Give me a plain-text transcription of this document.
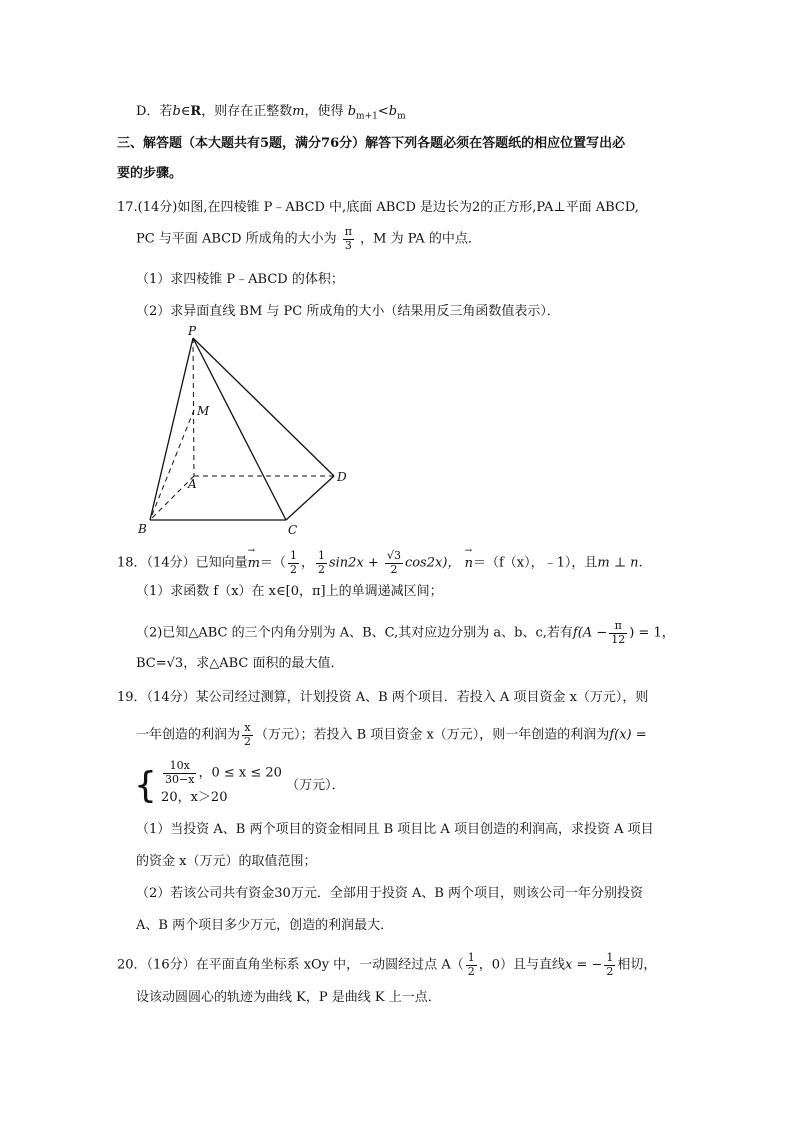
D．若b∈R，则存在正整数m，使得 $b_{m+1}<b_m$
三、解答题（本大题共有5题，满分76分）解答下列各题必须在答题纸的相应位置写出必
要的步骤。
17.(14分)如图,在四棱锥 P﹣ABCD 中,底面 ABCD 是边长为2的正方形,PA⊥平面 ABCD,
PC 与平面 ABCD 所成角的大小为 $\frac{\pi}{3}$ ，M 为 PA 的中点．
（1）求四棱锥 P﹣ABCD 的体积；
（2）求异面直线 BM 与 PC 所成角的大小（结果用反三角函数值表示）．
P
M
A
B	C
D
18．（14分）已知向量→ $m=( \frac{1}{2}$ ， $\frac{1}{2} \sin 2x + \frac{√3}{2} \cos 2x$)， → n＝（f（x），﹣1），且m ⊥ n.
（1）求函数 f（x）在 x∈[0，π]上的单调递减区间；
（2)已知△ABC 的三个内角分别为 A、B、C,其对应边分别为 a、b、c,若有$f(A - \frac{\pi}{12}$ ) = 1，
BC=√3，求△ABC 面积的最大值．
19．（14分）某公司经过测算，计划投资 A、B 两个项目．若投入 A 项目资金 x（万元），则
一年创造的利润为 $\frac{x}{2}$ （万元）；若投入 B 项目资金 x（万元），则一年创造的利润为f(x) =
{ $\frac{10x}{30-x}$ ，0 ≤ x ≤ 20
20，x＞20
（万元）．
（1）当投资 A、B 两个项目的资金相同且 B 项目比 A 项目创造的利润高，求投资 A 项目
的资金 x（万元）的取值范围；
（2）若该公司共有资金30万元．全部用于投资 A、B 两个项目，则该公司一年分别投资
A、B 两个项目多少万元，创造的利润最大．
20．（16分）在平面直角坐标系 xOy 中，一动圆经过点 $A( \frac{1}{2}$ ，0）且与直线x = − $\frac{1}{2}$ 相切，
设该动圆圆心的轨迹为曲线 K，P 是曲线 K 上一点．
